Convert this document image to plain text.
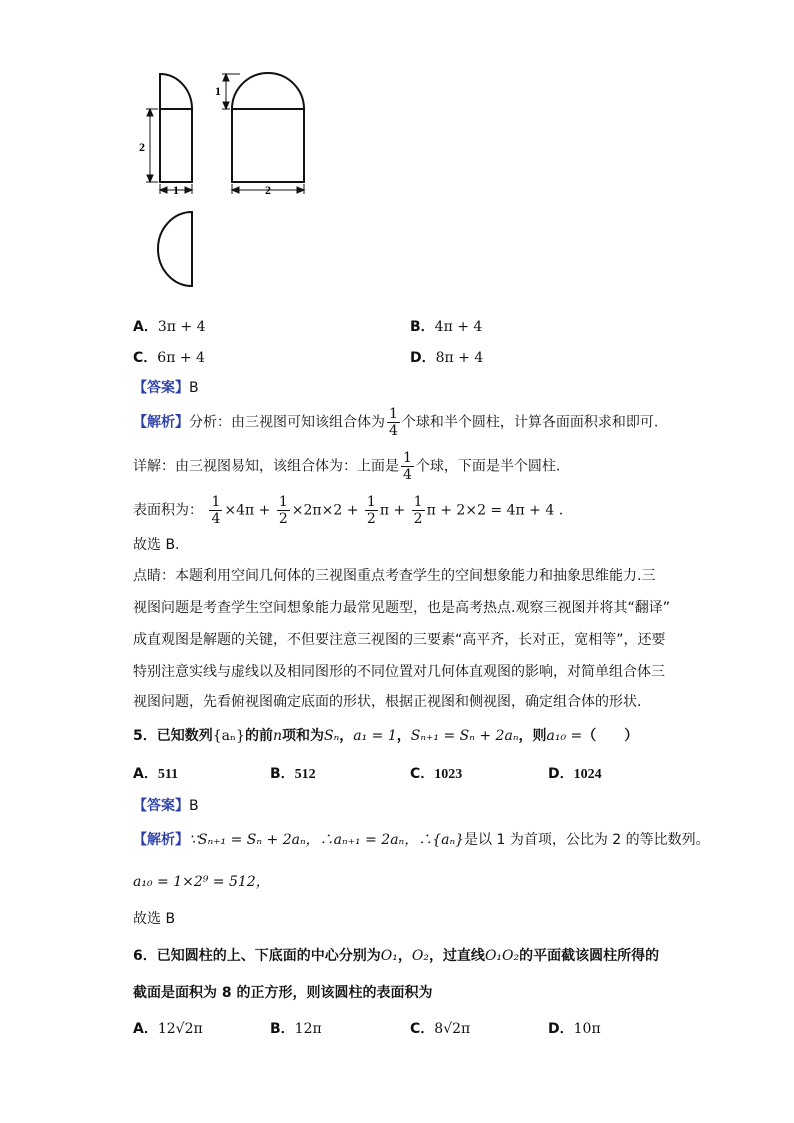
2
1
1
2
A．3π + 4	B．4π + 4
C．6π + 4	D．8π + 4
【答案】B
【解析】分析：由三视图可知该组合体为 $\frac{1}{4}$ 个球和半个圆柱，计算各面面积求和即可.
详解：由三视图易知，该组合体为：上面是 $\frac{1}{4}$ 个球，下面是半个圆柱.
表面积为： $\frac{1}{4} \times 4\pi + \frac{1}{2} \times 2\pi\times 2 + \frac{1}{2}$ $\pi + \frac{1}{2}$ π + 2×2 = 4π + 4 .
故选 B.
点睛：本题利用空间几何体的三视图重点考查学生的空间想象能力和抽象思维能力.三
视图问题是考查学生空间想象能力最常见题型，也是高考热点.观察三视图并将其“翻译”
成直观图是解题的关键，不但要注意三视图的三要素“高平齐，长对正，宽相等”，还要
特别注意实线与虚线以及相同图形的不同位置对几何体直观图的影响，对简单组合体三
视图问题，先看俯视图确定底面的形状，根据正视图和侧视图，确定组合体的形状.
5．已知数列{aₙ}的前n项和为Sₙ，a₁ = 1，Sₙ₊₁ = Sₙ + 2aₙ，则a₁₀ =（　　）
A．511	B．512	C．1023	D．1024
【答案】B
【解析】∵Sₙ₊₁ = Sₙ + 2aₙ，∴aₙ₊₁ = 2aₙ，∴{aₙ}是以 1 为首项，公比为 2 的等比数列。
a₁₀ = 1×2⁹ = 512，
故选 B
6．已知圆柱的上、下底面的中心分别为O₁，O₂，过直线O₁O₂的平面截该圆柱所得的
截面是面积为 8 的正方形，则该圆柱的表面积为
A．12√2π	B．12π	C．8√2π	D．10π
